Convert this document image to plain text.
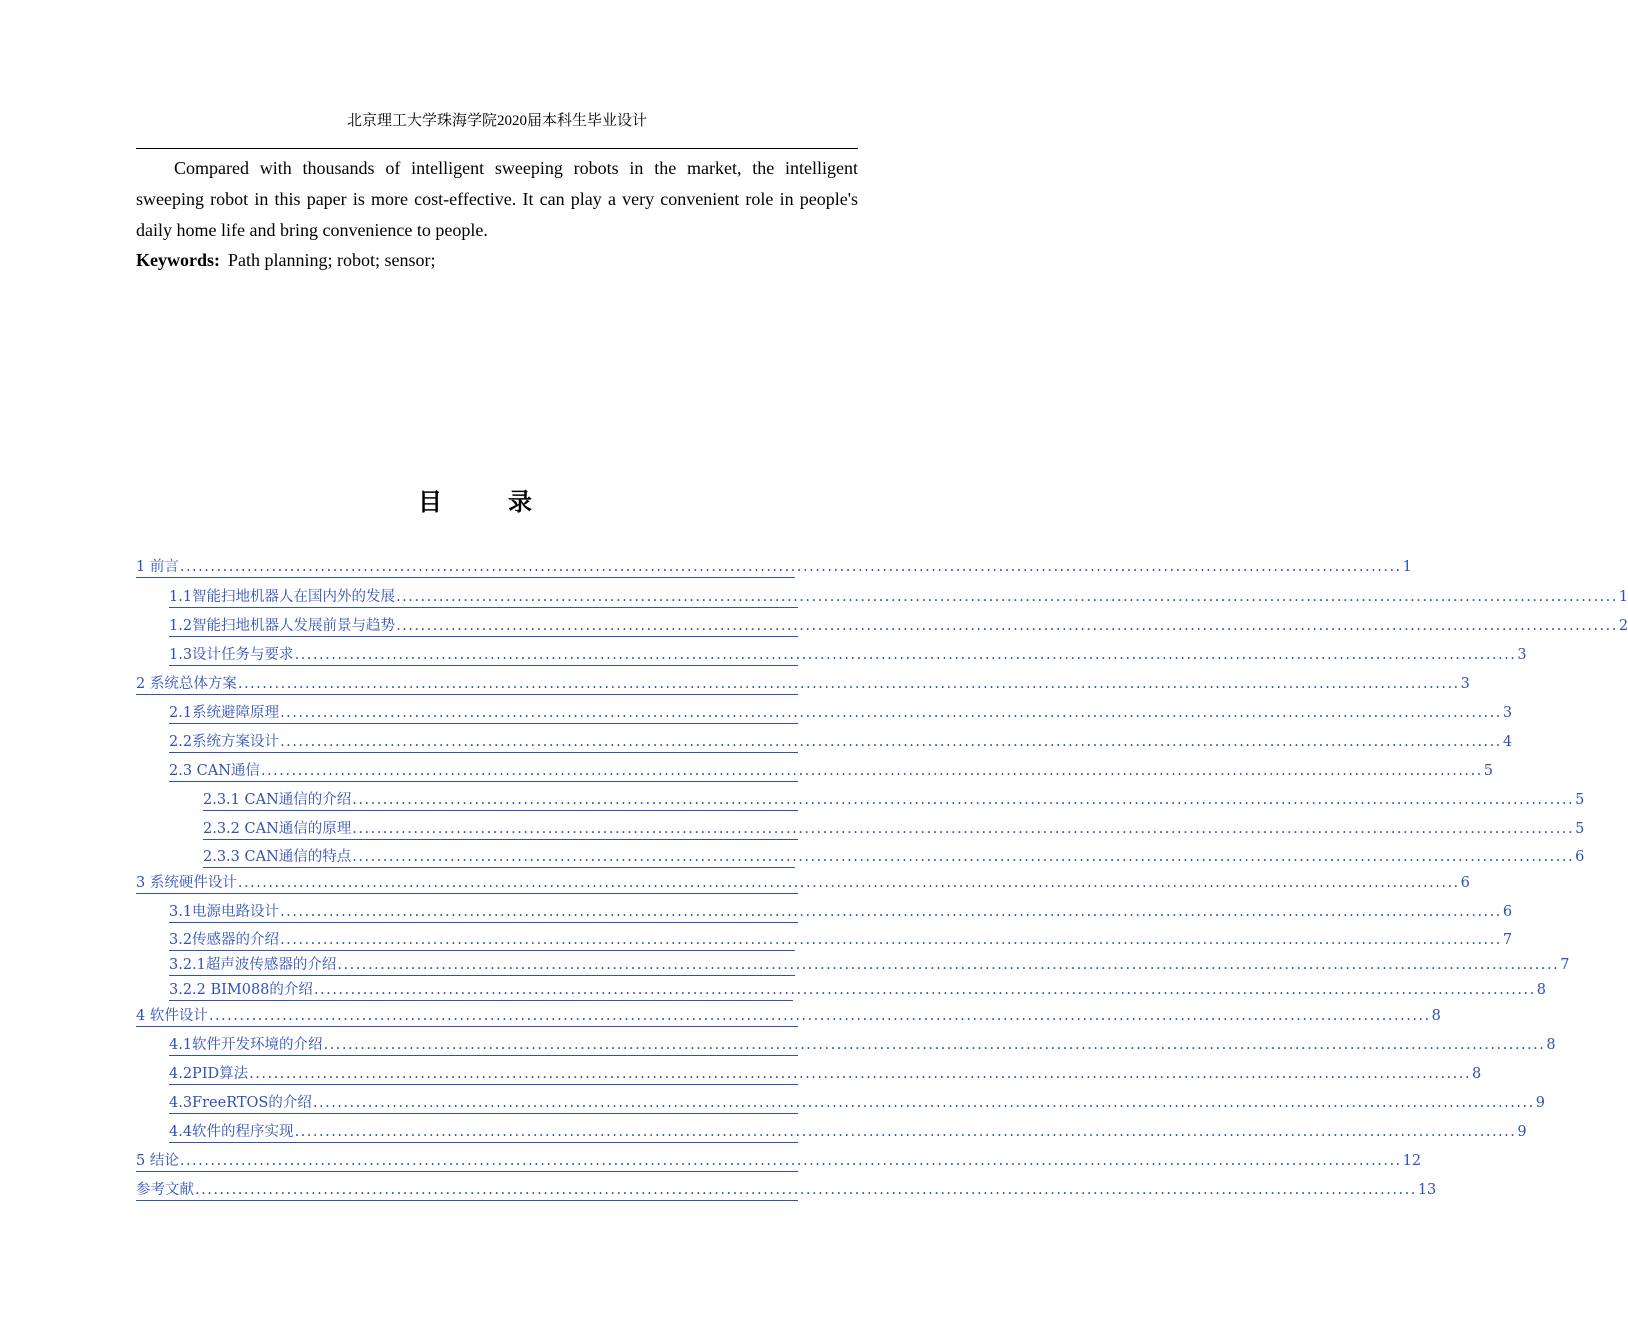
北京理工大学珠海学院2020届本科生毕业设计

Compared with thousands of intelligent sweeping robots in the market, the intelligent sweeping robot in this paper is more cost-effective. It can play a very convenient role in people's daily home life and bring convenience to people.

Keywords: Path planning; robot; sensor;
目 录
1 前言 ........................................................................................................................................................................................................ 1
1.1智能扫地机器人在国内外的发展 ........................................................................................................................................................................................................ 1
1.2智能扫地机器人发展前景与趋势 ........................................................................................................................................................................................................ 2
1.3设计任务与要求 ........................................................................................................................................................................................................ 3
2 系统总体方案 ........................................................................................................................................................................................................ 3
2.1系统避障原理 ........................................................................................................................................................................................................ 3
2.2系统方案设计 ........................................................................................................................................................................................................ 4
2.3 CAN通信 ........................................................................................................................................................................................................ 5
2.3.1 CAN通信的介绍 ........................................................................................................................................................................................................ 5
2.3.2 CAN通信的原理 ........................................................................................................................................................................................................ 5
2.3.3 CAN通信的特点 ........................................................................................................................................................................................................ 6
3 系统硬件设计 ........................................................................................................................................................................................................ 6
3.1电源电路设计 ........................................................................................................................................................................................................ 6
3.2传感器的介绍 ........................................................................................................................................................................................................ 7
3.2.1超声波传感器的介绍 ........................................................................................................................................................................................................ 7
3.2.2 BIM088的介绍 ........................................................................................................................................................................................................ 8
4 软件设计 ........................................................................................................................................................................................................ 8
4.1软件开发环境的介绍 ........................................................................................................................................................................................................ 8
4.2PID算法 ........................................................................................................................................................................................................ 8
4.3FreeRTOS的介绍 ........................................................................................................................................................................................................ 9
4.4软件的程序实现 ........................................................................................................................................................................................................ 9
5 结论 ........................................................................................................................................................................................................ 12
参考文献 ........................................................................................................................................................................................................ 13
